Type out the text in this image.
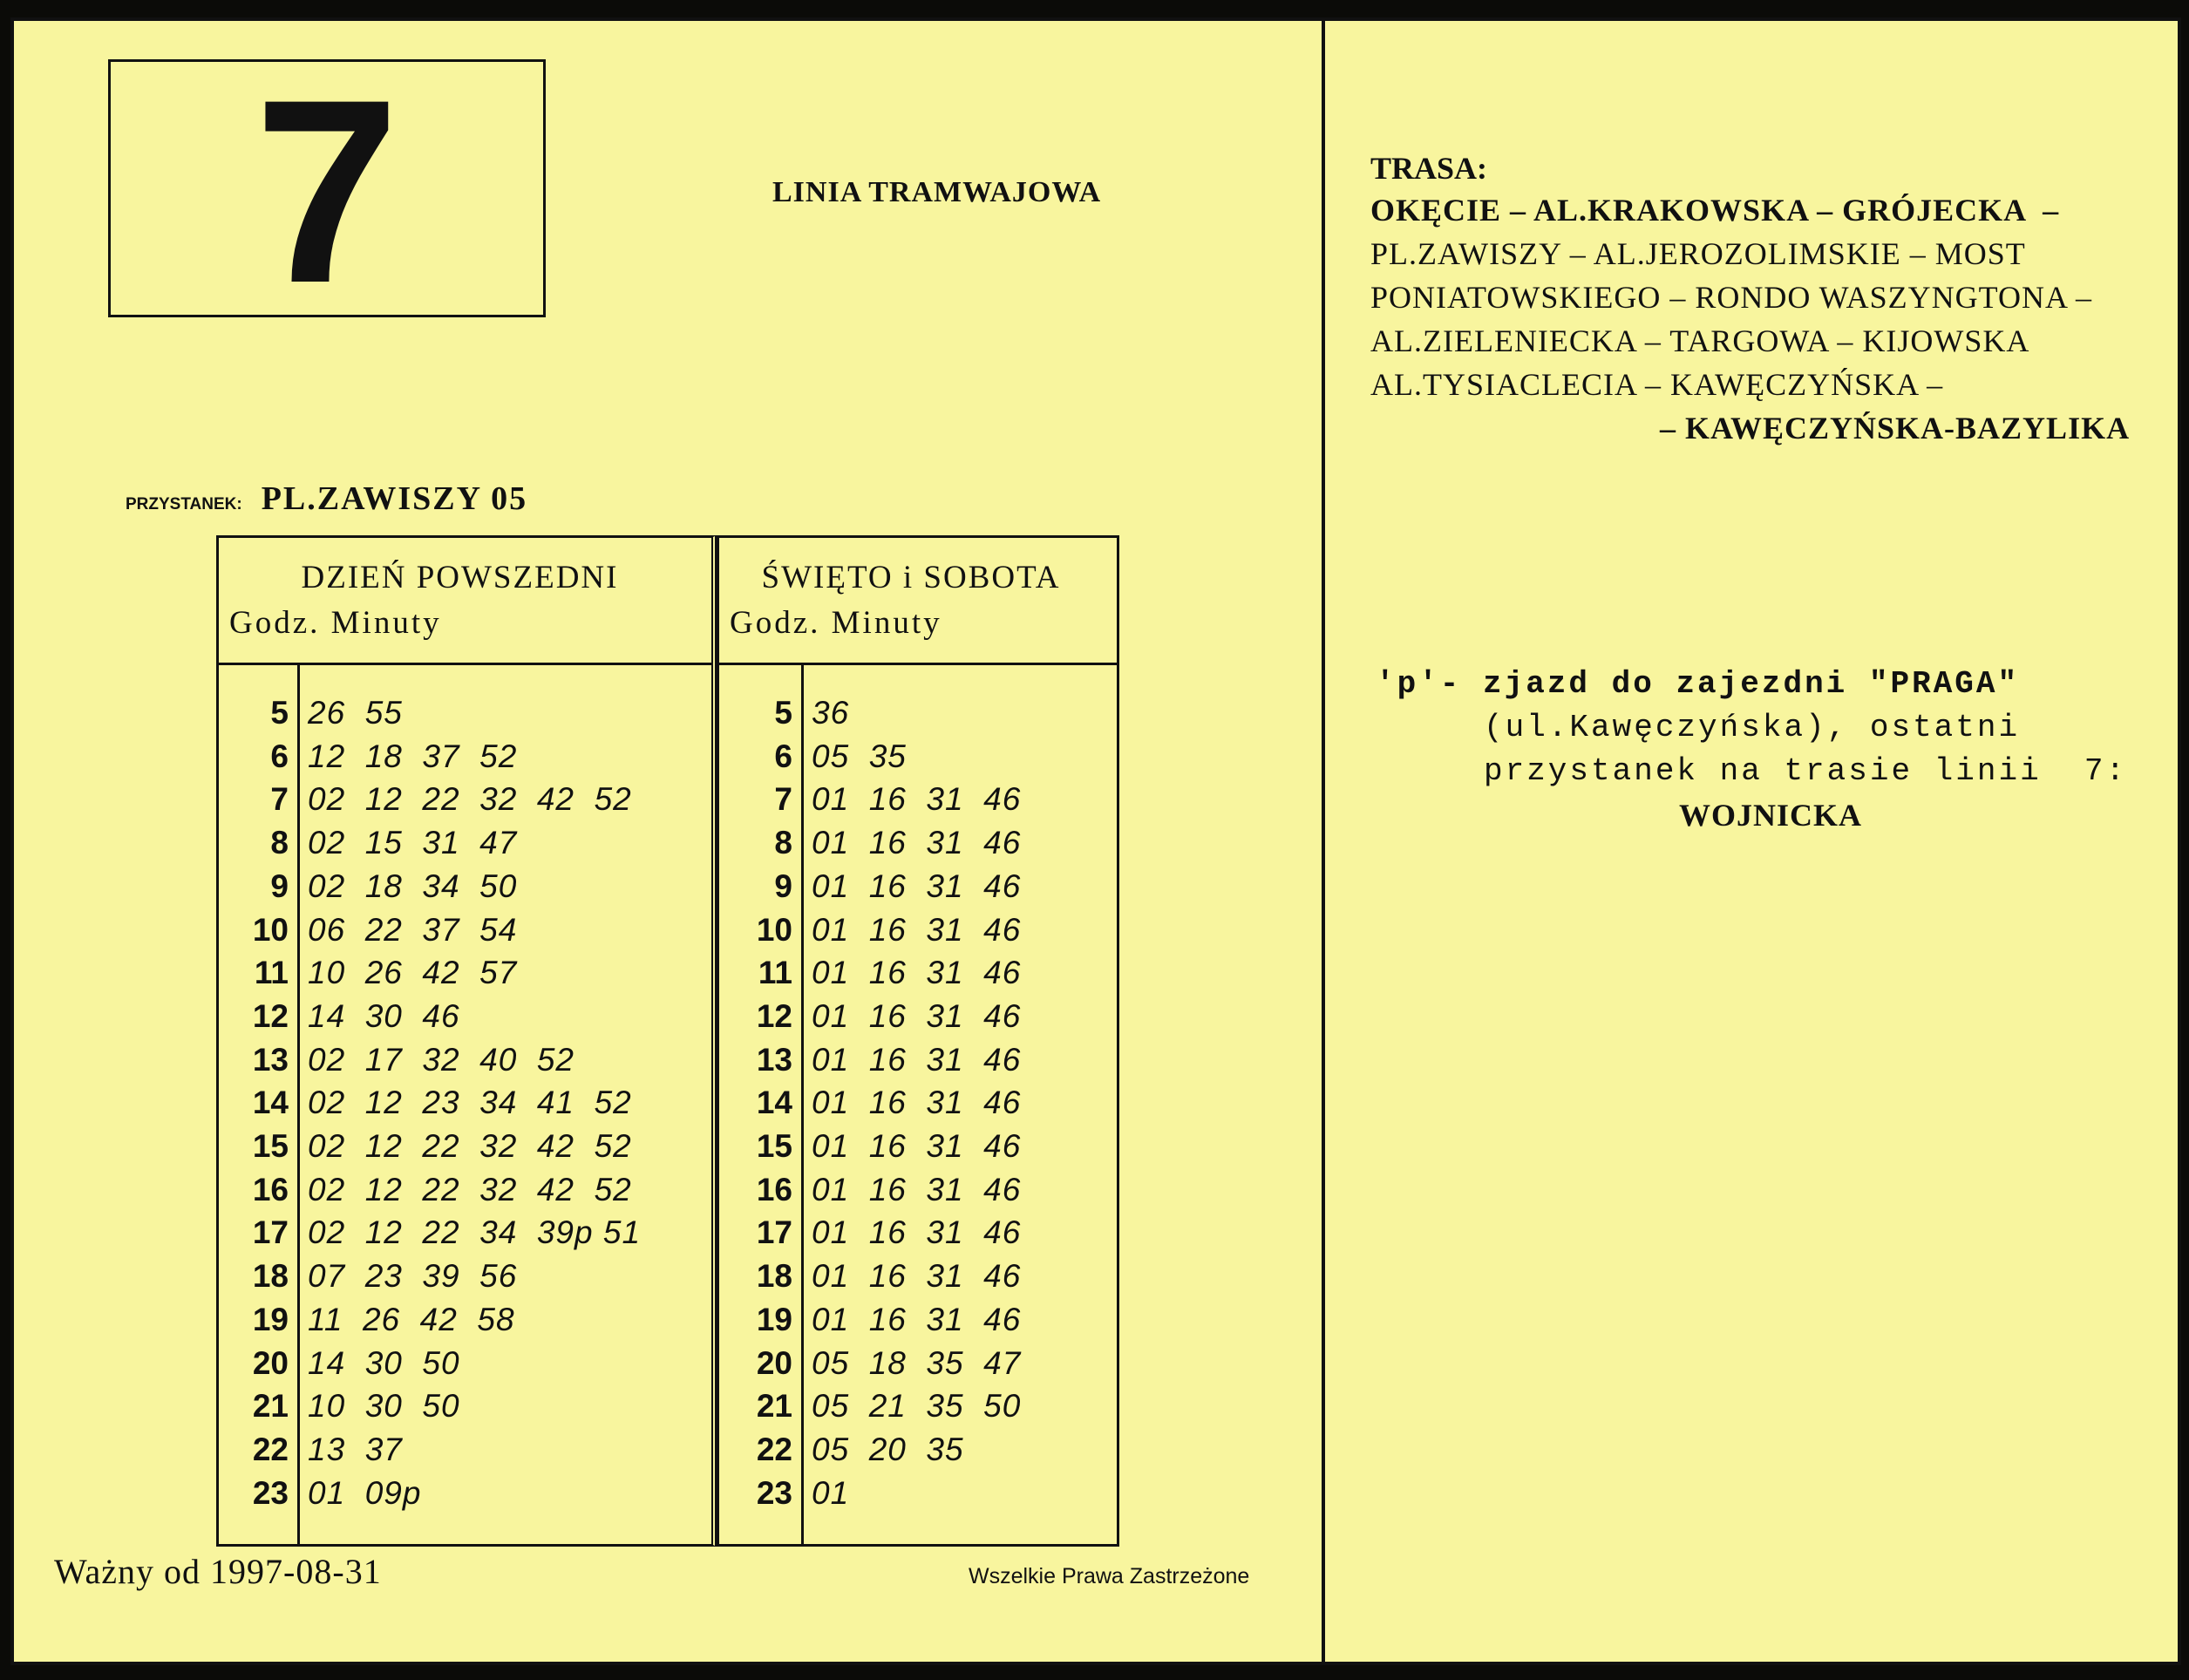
7	LINIA TRAMWAJOWA
PRZYSTANEK: PL.ZAWISZY 05
DZIEŃ POWSZEDNI
Godz. Minuty
5 26  55
6 12  18  37  52
7 02  12  22  32  42  52
8 02  15  31  47
9 02  18  34  50
10 06  22  37  54
11 10  26  42  57
12 14  30  46
13 02  17  32  40  52
14 02  12  23  34  41  52
15 02  12  22  32  42  52
16 02  12  22  32  42  52
17 02  12  22  34  39p 51
18 07  23  39  56
19 11  26  42  58
20 14  30  50
21 10  30  50
22 13  37
23 01  09p
ŚWIĘTO i SOBOTA
Godz. Minuty
5 36
6 05  35
7 01  16  31  46
8 01  16  31  46
9 01  16  31  46
10 01  16  31  46
11 01  16  31  46
12 01  16  31  46
13 01  16  31  46
14 01  16  31  46
15 01  16  31  46
16 01  16  31  46
17 01  16  31  46
18 01  16  31  46
19 01  16  31  46
20 05  18  35  47
21 05  21  35  50
22 05  20  35
23 01
Ważny od 1997-08-31	Wszelkie Prawa Zastrzeżone
TRASA:
OKĘCIE – AL.KRAKOWSKA – GRÓJECKA  –
PL.ZAWISZY – AL.JEROZOLIMSKIE – MOST
PONIATOWSKIEGO – RONDO WASZYNGTONA –
AL.ZIELENIECKA – TARGOWA – KIJOWSKA
AL.TYSIACLECIA – KAWĘCZYŃSKA –
– KAWĘCZYŃSKA-BAZYLIKA
'p'- zjazd do zajezdni "PRAGA"
(ul.Kawęczyńska), ostatni
przystanek na trasie linii  7:
WOJNICKA
